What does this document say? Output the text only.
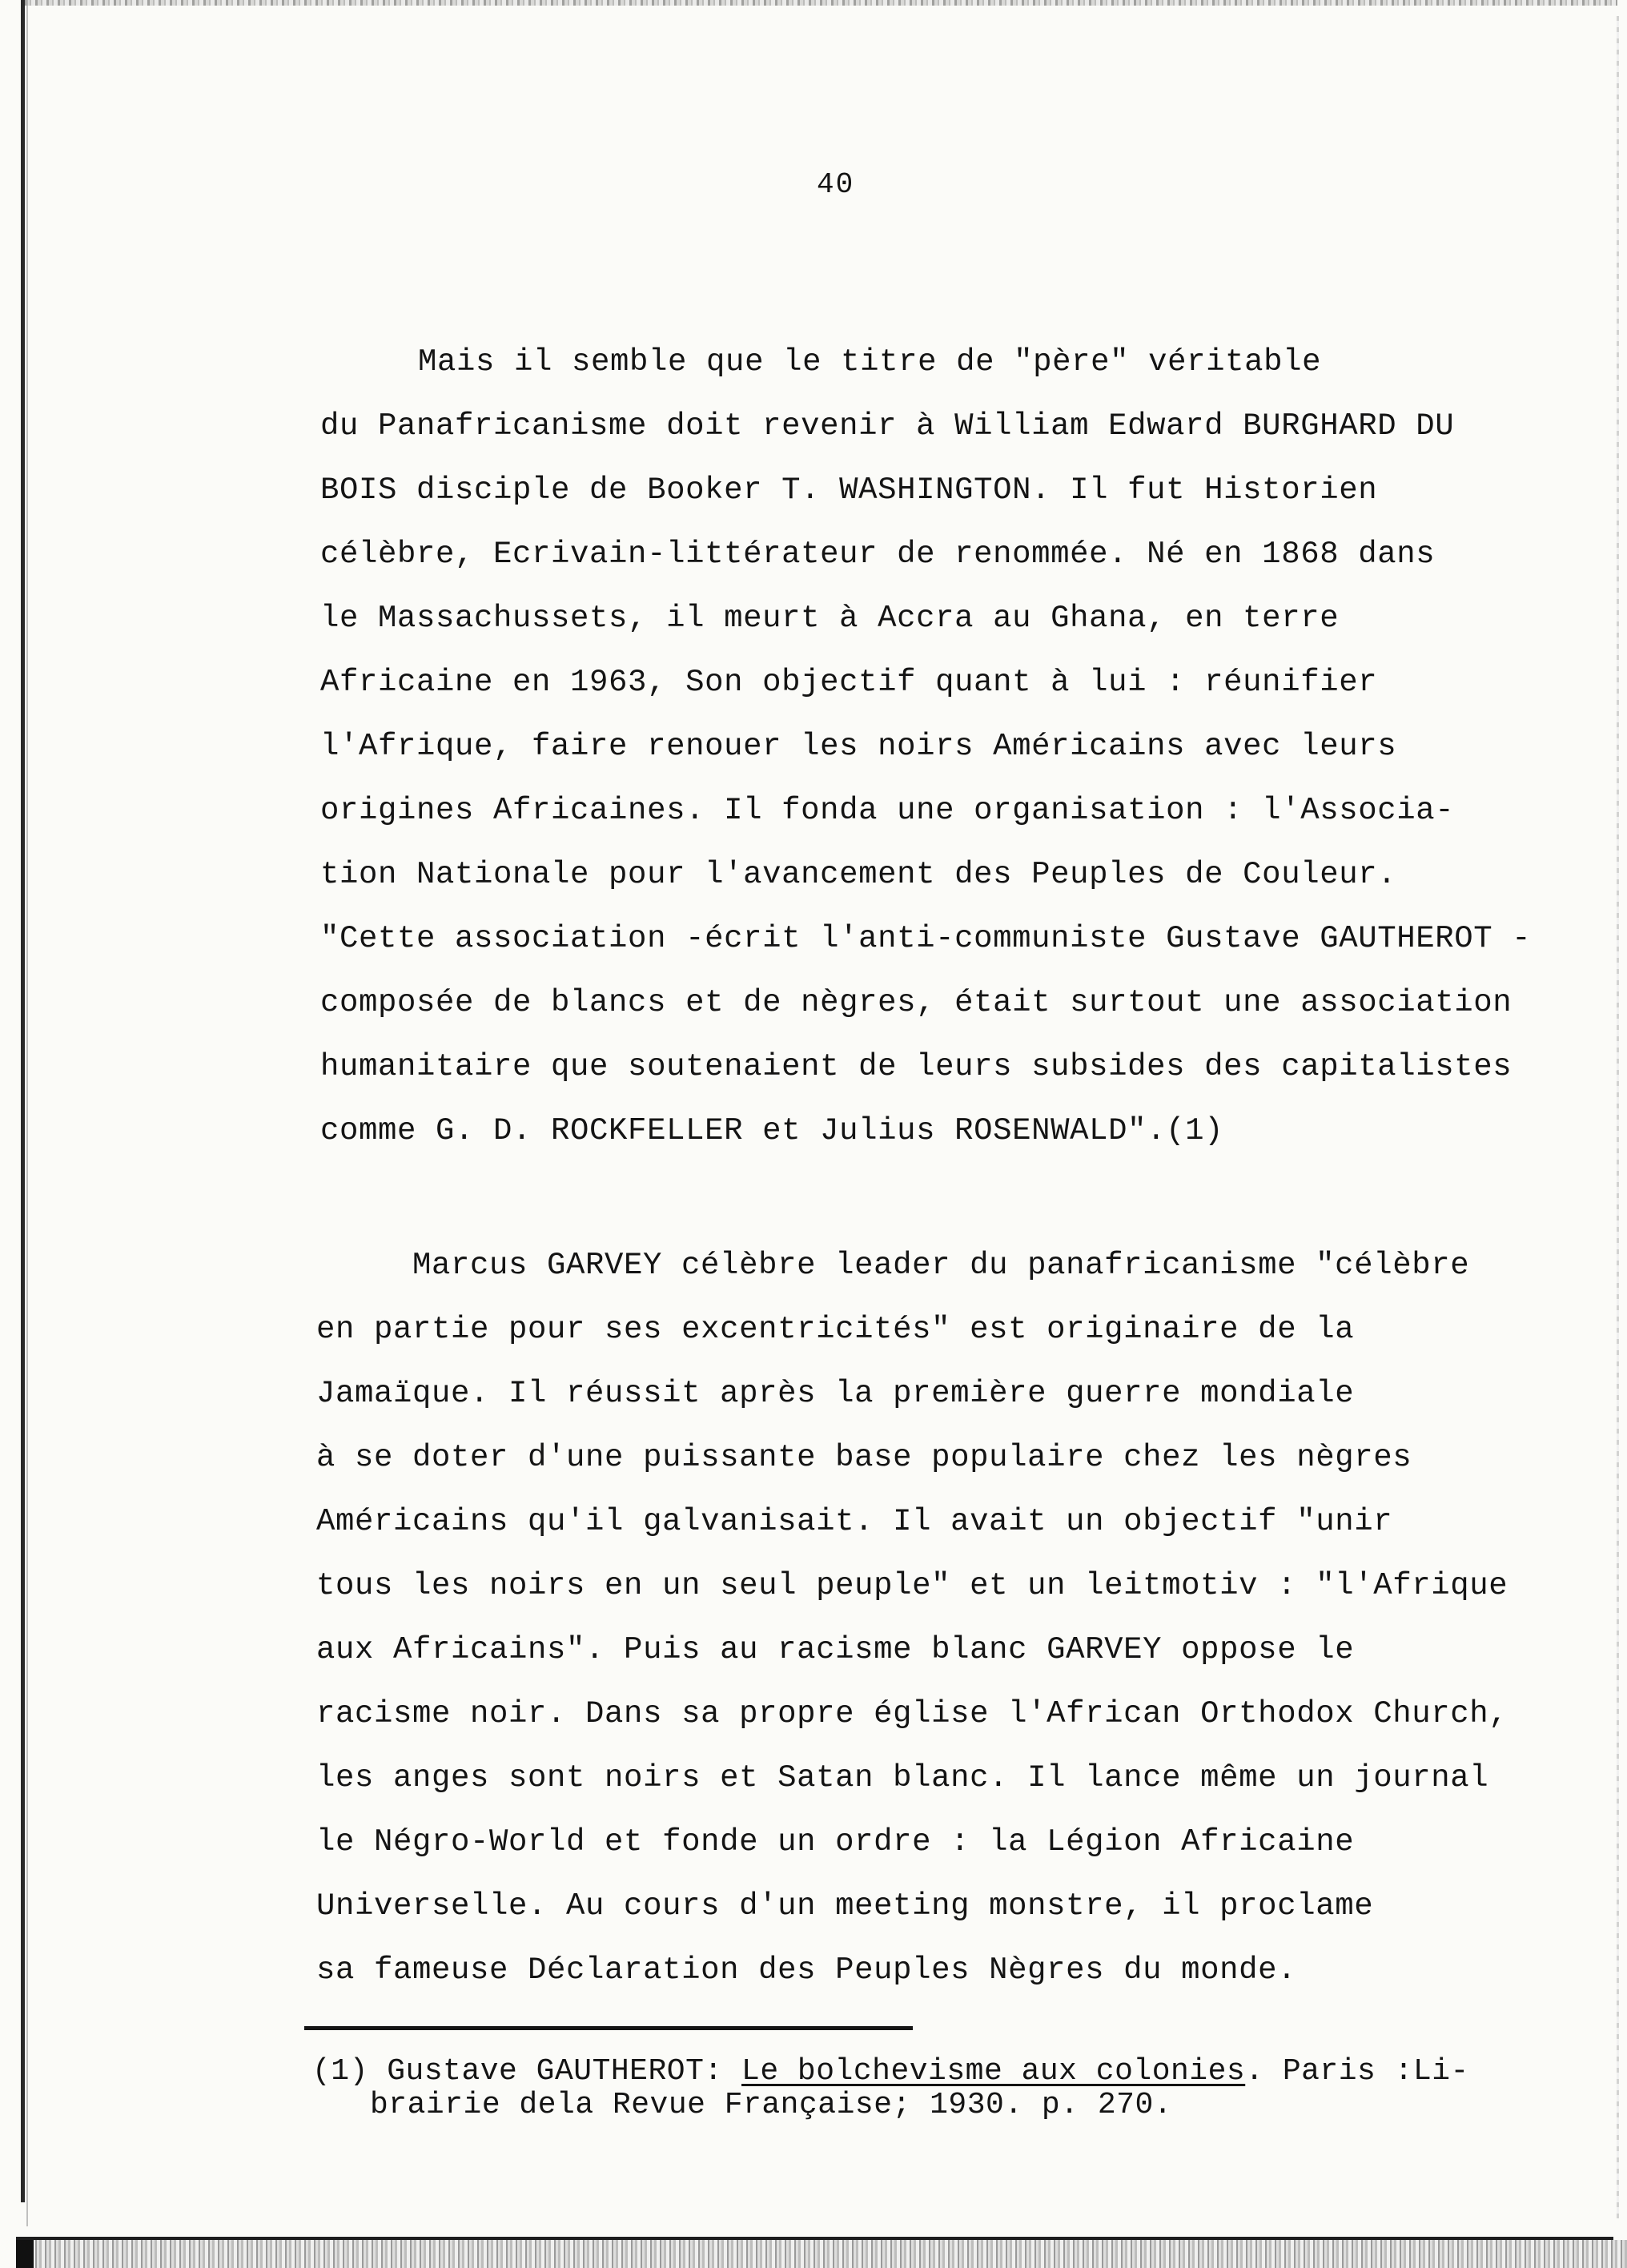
40
Mais il semble que le titre de "père" véritable
du Panafricanisme doit revenir à William Edward BURGHARD DU
BOIS disciple de Booker T. WASHINGTON. Il fut Historien
célèbre, Ecrivain-littérateur de renommée. Né en 1868 dans
le Massachussets, il meurt à Accra au Ghana, en terre
Africaine en 1963, Son objectif quant à lui : réunifier
l'Afrique, faire renouer les noirs Américains avec leurs
origines Africaines. Il fonda une organisation : l'Associa-
tion Nationale pour l'avancement des Peuples de Couleur.
"Cette association -écrit l'anti-communiste Gustave GAUTHEROT -
composée de blancs et de nègres, était surtout une association
humanitaire que soutenaient de leurs subsides des capitalistes
comme G. D. ROCKFELLER et Julius ROSENWALD".(1)
Marcus GARVEY célèbre leader du panafricanisme "célèbre
en partie pour ses excentricités" est originaire de la
Jamaïque. Il réussit après la première guerre mondiale
à se doter d'une puissante base populaire chez les nègres
Américains qu'il galvanisait. Il avait un objectif "unir
tous les noirs en un seul peuple" et un leitmotiv : "l'Afrique
aux Africains". Puis au racisme blanc GARVEY oppose le
racisme noir. Dans sa propre église l'African Orthodox Church,
les anges sont noirs et Satan blanc. Il lance même un journal
le Négro-World et fonde un ordre : la Légion Africaine
Universelle. Au cours d'un meeting monstre, il proclame
sa fameuse Déclaration des Peuples Nègres du monde.
(1) Gustave GAUTHEROT: Le bolchevisme aux colonies. Paris :Li-
brairie dela Revue Française; 1930. p. 270.
